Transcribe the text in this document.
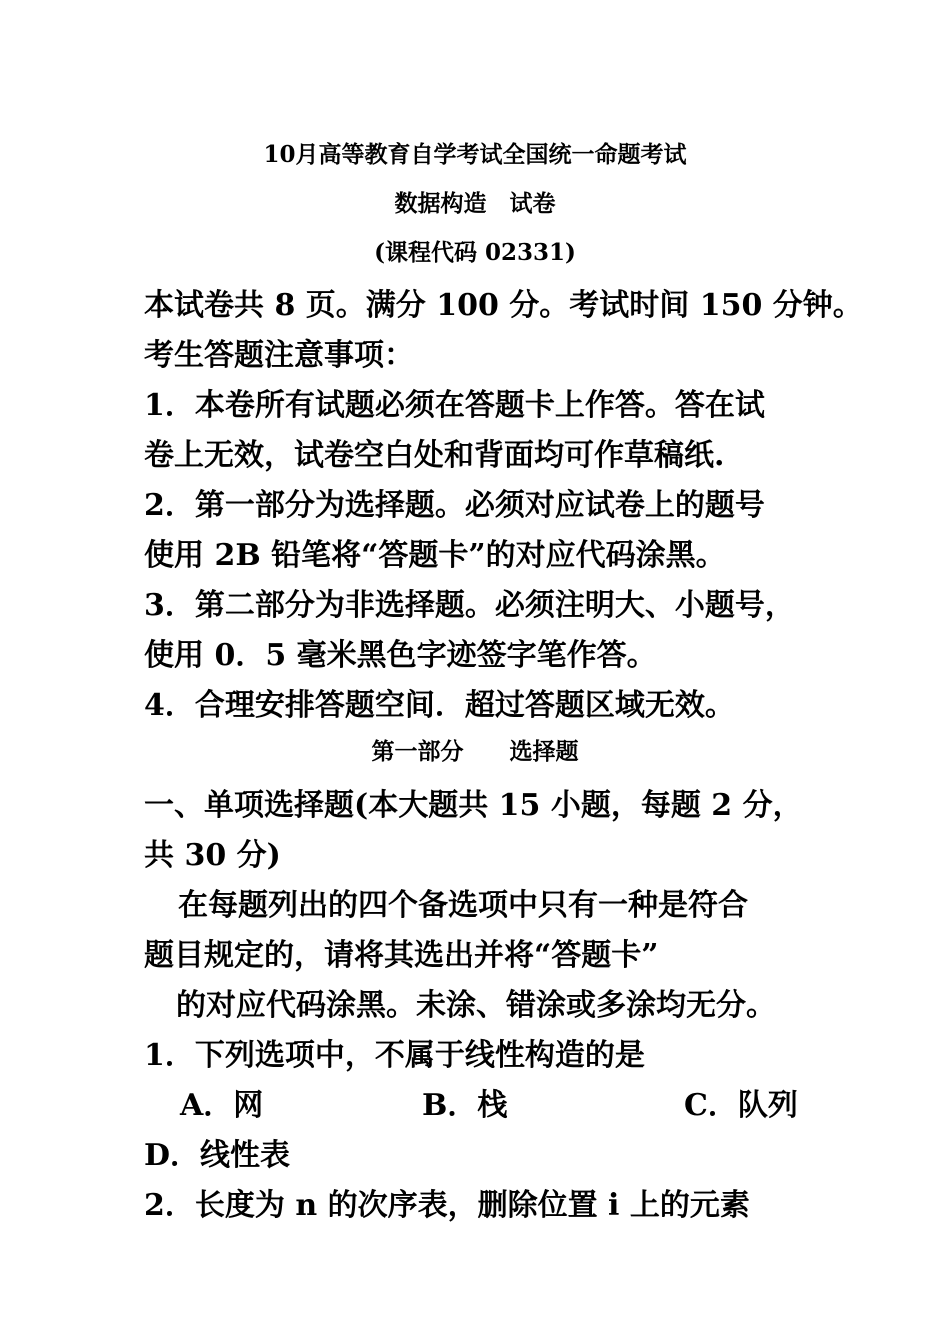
10月高等教育自学考试全国统一命题考试
数据构造　试卷
(课程代码 02331)
本试卷共 8 页。满分 100 分。考试时间 150 分钟。
考生答题注意事项：
1．本卷所有试题必须在答题卡上作答。答在试
卷上无效，试卷空白处和背面均可作草稿纸.
2．第一部分为选择题。必须对应试卷上的题号
使用 2B 铅笔将“答题卡”的对应代码涂黑。
3．第二部分为非选择题。必须注明大、小题号，
使用 0．5 毫米黑色字迹签字笔作答。
4．合理安排答题空间．超过答题区域无效。
第一部分　　选择题
一、单项选择题(本大题共 15 小题，每题 2 分，
共 30 分)
在每题列出的四个备选项中只有一种是符合
题目规定的，请将其选出并将“答题卡”
的对应代码涂黑。未涂、错涂或多涂均无分。
1．下列选项中，不属于线性构造的是
A．网	B．栈	C．队列
D．线性表
2．长度为 n 的次序表，删除位置 i 上的元素
